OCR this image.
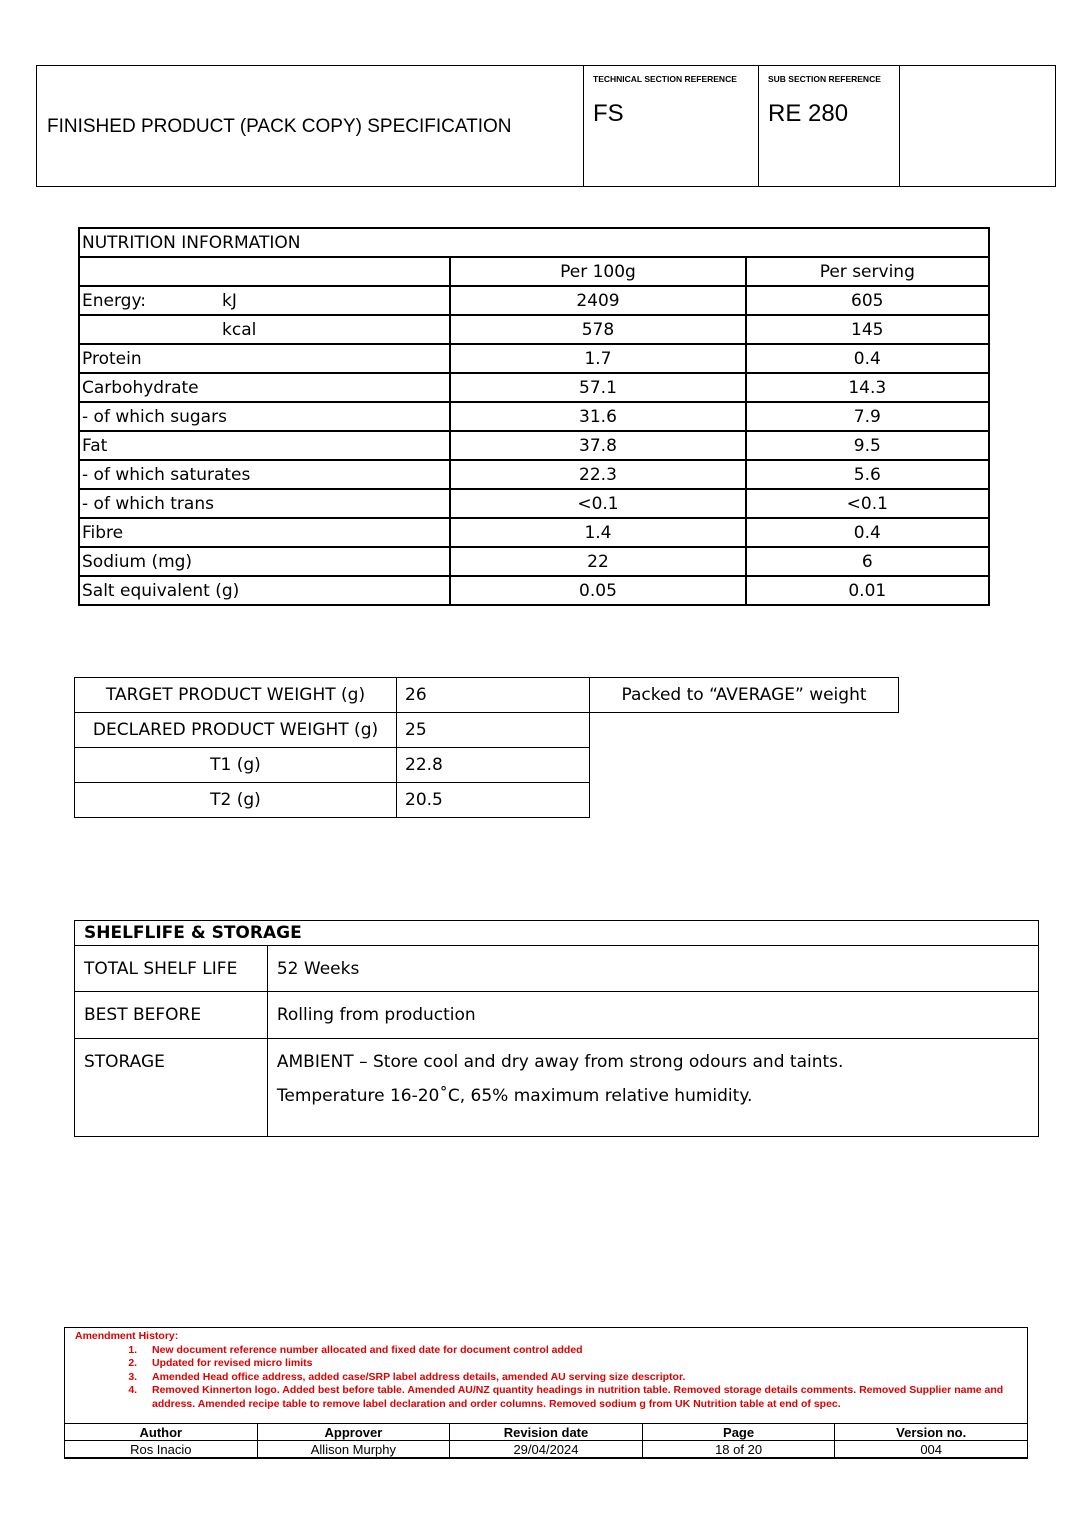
FINISHED PRODUCT (PACK COPY) SPECIFICATION
TECHNICAL SECTION REFERENCE
FS
SUB SECTION REFERENCE
RE 280
NUTRITION INFORMATION		
	Per 100g	Per serving
Energy: kJ	2409	605
kcal	578	145
Protein	1.7	0.4
Carbohydrate	57.1	14.3
- of which sugars	31.6	7.9
Fat	37.8	9.5
- of which saturates	22.3	5.6
- of which trans	<0.1	<0.1
Fibre	1.4	0.4
Sodium (mg)	22	6
Salt equivalent (g)	0.05	0.01
TARGET PRODUCT WEIGHT (g)	26	Packed to “AVERAGE” weight
DECLARED PRODUCT WEIGHT (g)	25	
T1 (g)	22.8	
T2 (g)	20.5	
SHELFLIFE & STORAGE	
TOTAL SHELF LIFE	52 Weeks
BEST BEFORE	Rolling from production
STORAGE	AMBIENT – Store cool and dry away from strong odours and taints.

Temperature 16-20˚C, 65% maximum relative humidity.

Amendment History:
1. New document reference number allocated and fixed date for document control added
2. Updated for revised micro limits
3. Amended Head office address, added case/SRP label address details, amended AU serving size descriptor.
4. Removed Kinnerton logo. Added best before table. Amended AU/NZ quantity headings in nutrition table. Removed storage details comments. Removed Supplier name and address. Amended recipe table to remove label declaration and order columns. Removed sodium g from UK Nutrition table at end of spec.
Author	Approver	Revision date	Page	Version no.
Ros Inacio	Allison Murphy	29/04/2024	18 of 20	004
